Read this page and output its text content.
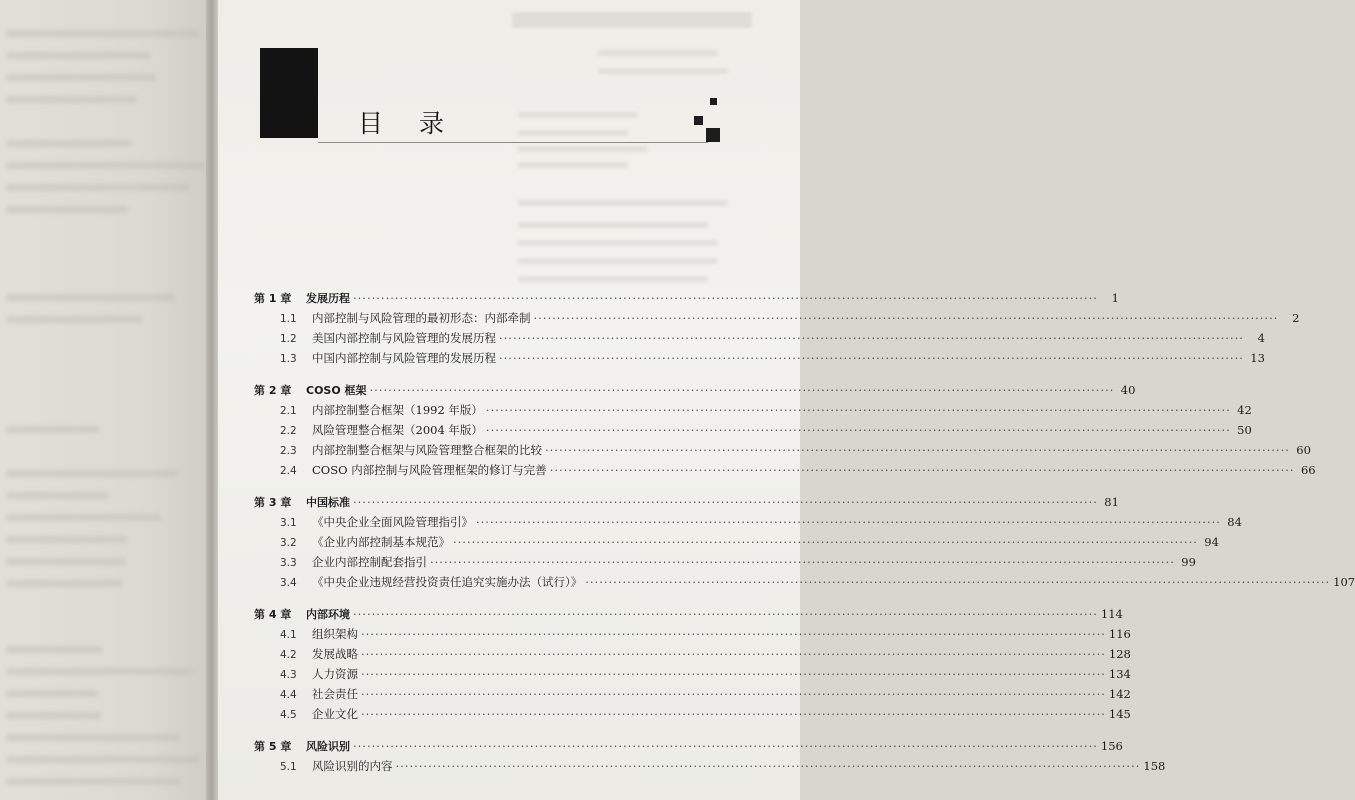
目 录
第 1 章	发展历程 ································································································································································	1
1.1	内部控制与风险管理的最初形态：内部牵制 ································································································································································	2
1.2	美国内部控制与风险管理的发展历程 ································································································································································	4
1.3	中国内部控制与风险管理的发展历程 ································································································································································ 13
第 2 章	COSO 框架 ································································································································································ 40
2.1	内部控制整合框架（1992 年版） ································································································································································ 42
2.2	风险管理整合框架（2004 年版） ································································································································································ 50
2.3	内部控制整合框架与风险管理整合框架的比较 ································································································································································ 60
2.4	COSO 内部控制与风险管理框架的修订与完善 ································································································································································ 66
第 3 章	中国标准 ································································································································································ 81
3.1	《中央企业全面风险管理指引》 ································································································································································ 84
3.2	《企业内部控制基本规范》 ································································································································································ 94
3.3	企业内部控制配套指引 ································································································································································ 99
3.4	《中央企业违规经营投资责任追究实施办法（试行）》 ································································································································································ 107
第 4 章	内部环境 ································································································································································ 114
4.1	组织架构 ································································································································································ 116
4.2	发展战略 ································································································································································ 128
4.3	人力资源 ································································································································································ 134
4.4	社会责任 ································································································································································ 142
4.5	企业文化 ································································································································································ 145
第 5 章	风险识别 ································································································································································ 156
5.1	风险识别的内容 ································································································································································ 158
